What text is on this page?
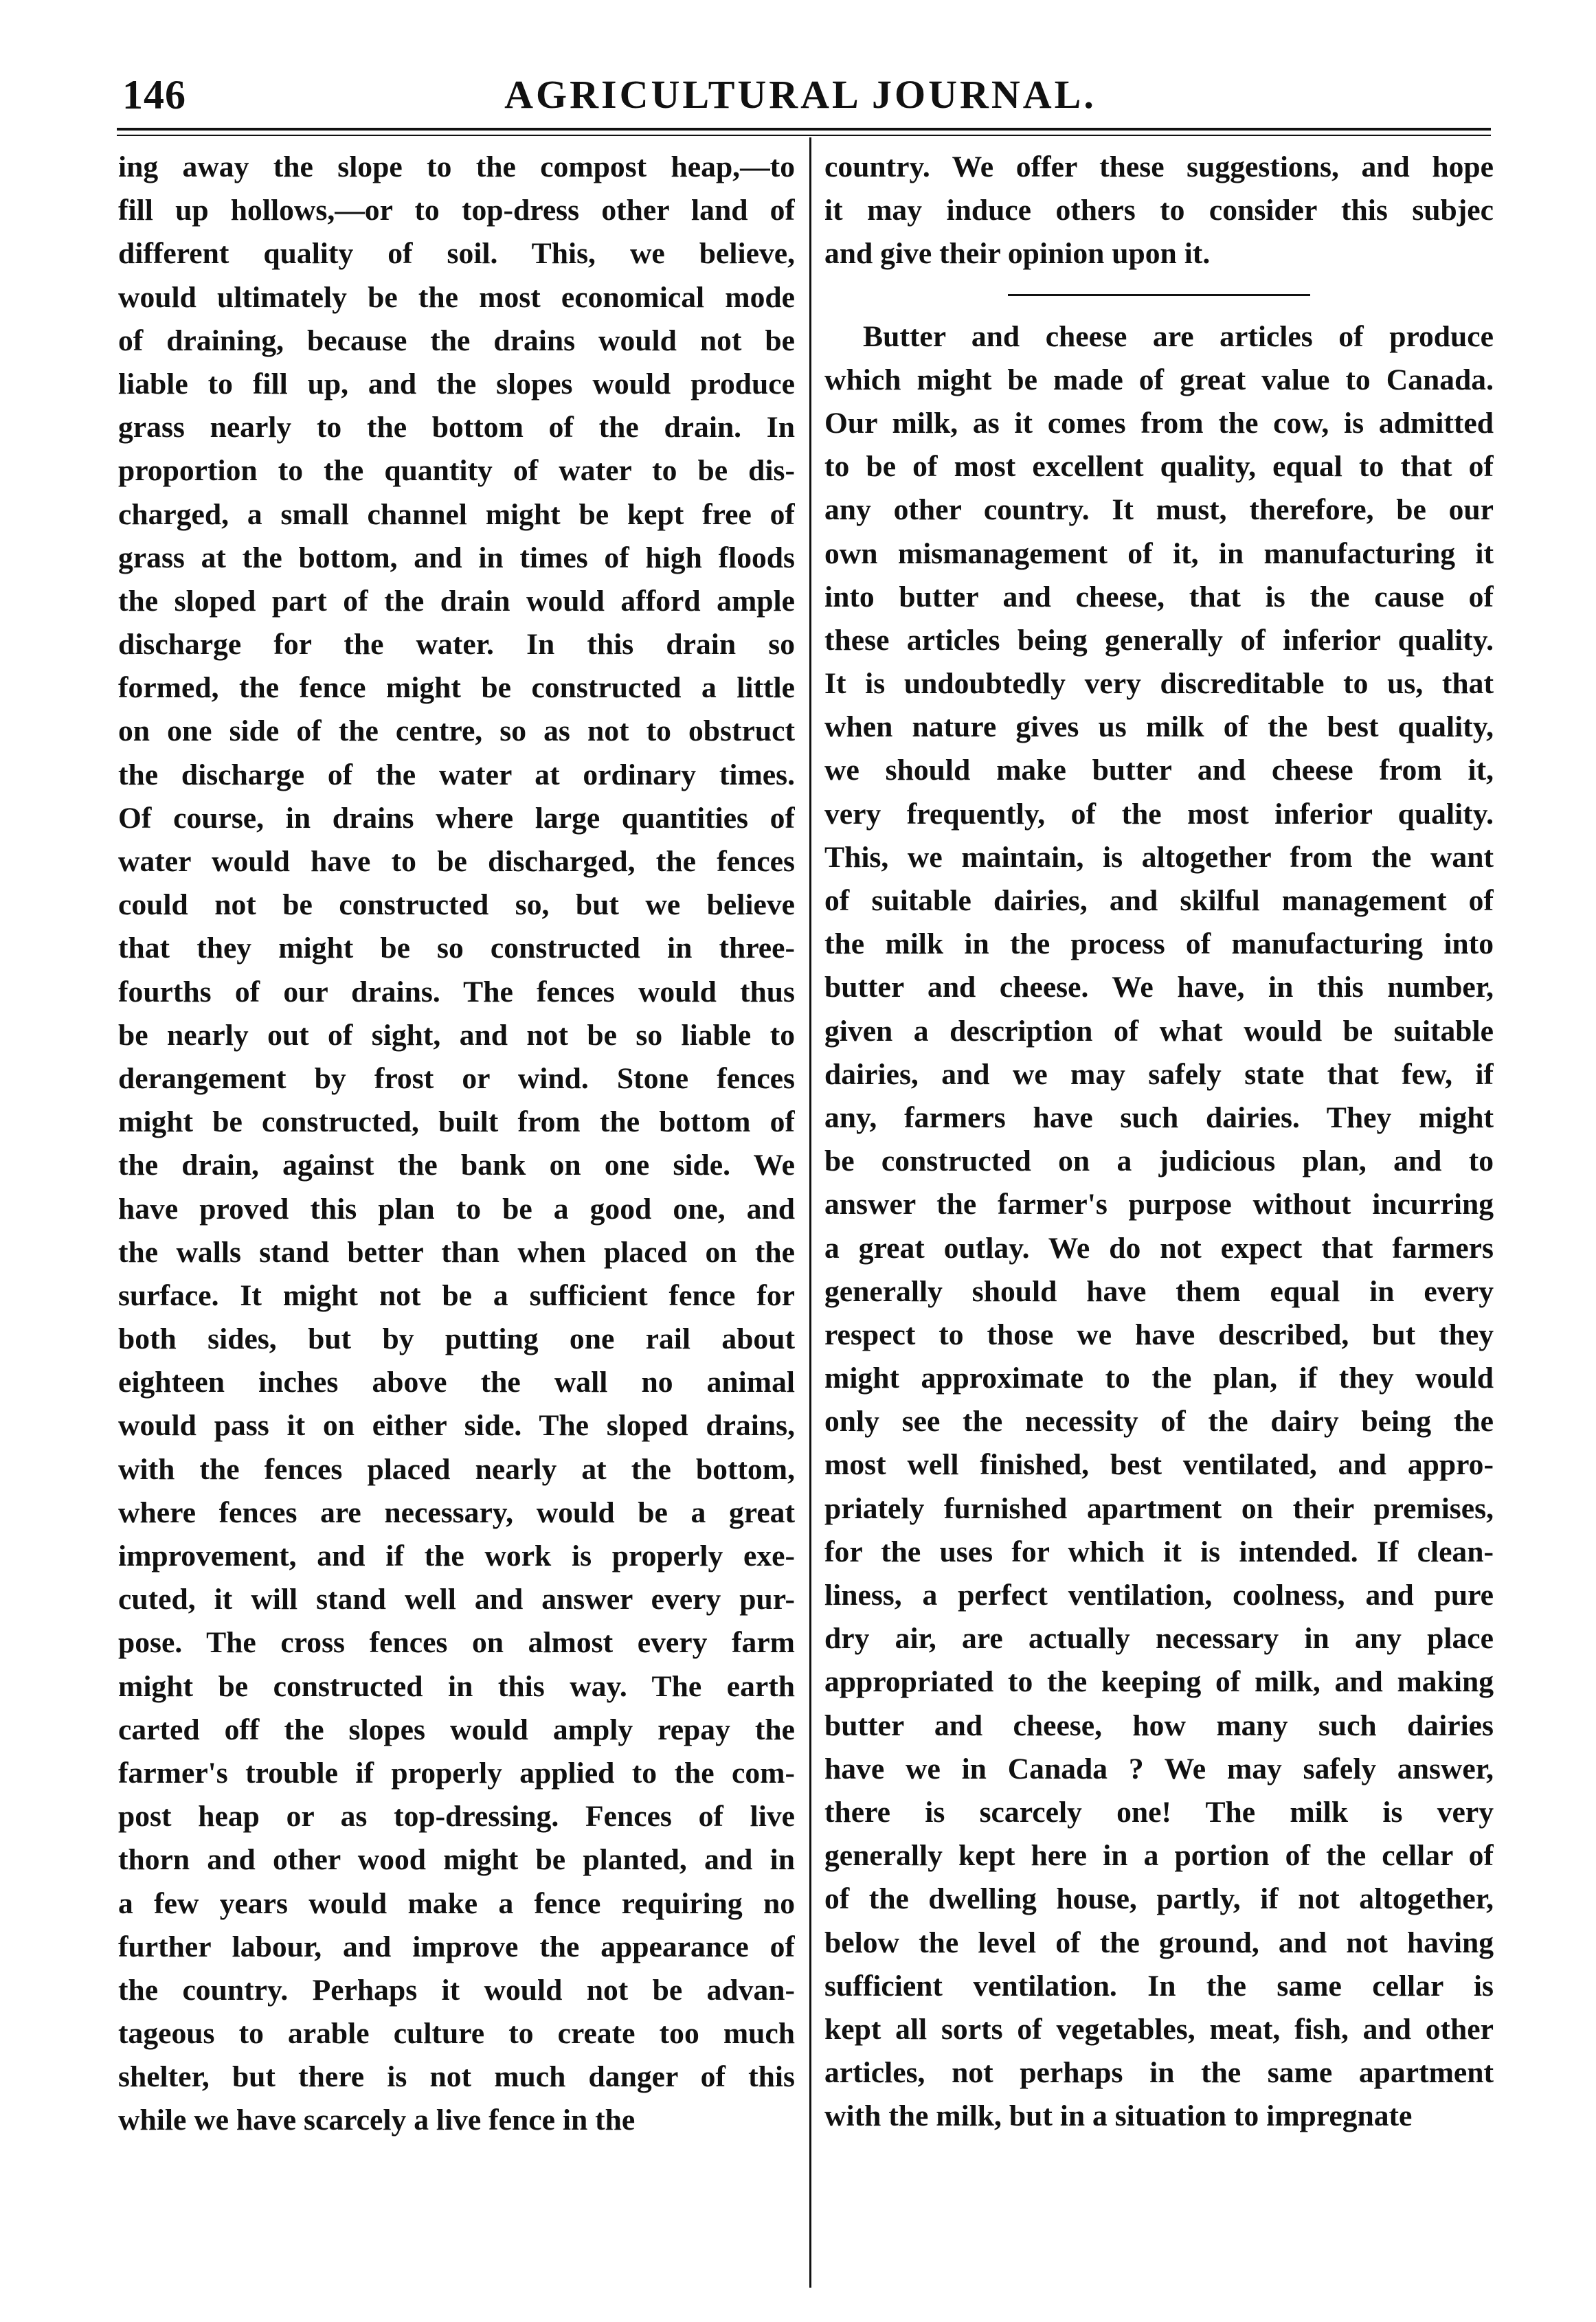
146	AGRICULTURAL JOURNAL.
ing away the slope to the compost heap,—to
fill up hollows,—or to top-dress other land of
different quality of soil. This, we believe,
would ultimately be the most economical mode
of draining, because the drains would not be
liable to fill up, and the slopes would produce
grass nearly to the bottom of the drain. In
proportion to the quantity of water to be dis-
charged, a small channel might be kept free of
grass at the bottom, and in times of high floods
the sloped part of the drain would afford ample
discharge for the water. In this drain so
formed, the fence might be constructed a little
on one side of the centre, so as not to obstruct
the discharge of the water at ordinary times.
Of course, in drains where large quantities of
water would have to be discharged, the fences
could not be constructed so, but we believe
that they might be so constructed in three-
fourths of our drains. The fences would thus
be nearly out of sight, and not be so liable to
derangement by frost or wind. Stone fences
might be constructed, built from the bottom of
the drain, against the bank on one side. We
have proved this plan to be a good one, and
the walls stand better than when placed on the
surface. It might not be a sufficient fence for
both sides, but by putting one rail about
eighteen inches above the wall no animal
would pass it on either side. The sloped drains,
with the fences placed nearly at the bottom,
where fences are necessary, would be a great
improvement, and if the work is properly exe-
cuted, it will stand well and answer every pur-
pose. The cross fences on almost every farm
might be constructed in this way. The earth
carted off the slopes would amply repay the
farmer's trouble if properly applied to the com-
post heap or as top-dressing. Fences of live
thorn and other wood might be planted, and in
a few years would make a fence requiring no
further labour, and improve the appearance of
the country. Perhaps it would not be advan-
tageous to arable culture to create too much
shelter, but there is not much danger of this
while we have scarcely a live fence in the
country. We offer these suggestions, and hope
it may induce others to consider this subjec
and give their opinion upon it.
Butter and cheese are articles of produce
which might be made of great value to Canada.
Our milk, as it comes from the cow, is admitted
to be of most excellent quality, equal to that of
any other country. It must, therefore, be our
own mismanagement of it, in manufacturing it
into butter and cheese, that is the cause of
these articles being generally of inferior quality.
It is undoubtedly very discreditable to us, that
when nature gives us milk of the best quality,
we should make butter and cheese from it,
very frequently, of the most inferior quality.
This, we maintain, is altogether from the want
of suitable dairies, and skilful management of
the milk in the process of manufacturing into
butter and cheese. We have, in this number,
given a description of what would be suitable
dairies, and we may safely state that few, if
any, farmers have such dairies. They might
be constructed on a judicious plan, and to
answer the farmer's purpose without incurring
a great outlay. We do not expect that farmers
generally should have them equal in every
respect to those we have described, but they
might approximate to the plan, if they would
only see the necessity of the dairy being the
most well finished, best ventilated, and appro-
priately furnished apartment on their premises,
for the uses for which it is intended. If clean-
liness, a perfect ventilation, coolness, and pure
dry air, are actually necessary in any place
appropriated to the keeping of milk, and making
butter and cheese, how many such dairies
have we in Canada ? We may safely answer,
there is scarcely one! The milk is very
generally kept here in a portion of the cellar of
of the dwelling house, partly, if not altogether,
below the level of the ground, and not having
sufficient ventilation. In the same cellar is
kept all sorts of vegetables, meat, fish, and other
articles, not perhaps in the same apartment
with the milk, but in a situation to impregnate
